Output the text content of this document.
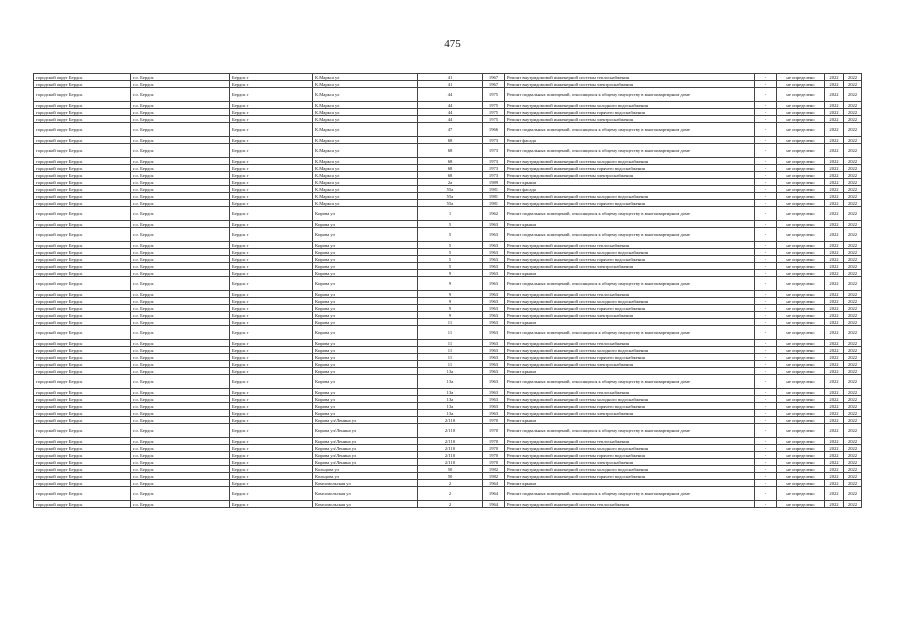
475
городской округ Бердск	г.о. Бердск	Бердск г	К.Маркса ул	41	1967	Ремонт внутридомовой инженерной системы теплоснабжения	-	не определено	2022	2022
городской округ Бердск	г.о. Бердск	Бердск г	К.Маркса ул	41	1967	Ремонт внутридомовой инженерной системы электроснабжения	-	не определено	2022	2022
городской округ Бердск	г.о. Бердск	Бердск г	К.Маркса ул	44	1975	Ремонт подвальных помещений, относящихся к общему имуществу в многоквартирном доме	-	не определено	2022	2022
городской округ Бердск	г.о. Бердск	Бердск г	К.Маркса ул	44	1975	Ремонт внутридомовой инженерной системы холодного водоснабжения	-	не определено	2022	2022
городской округ Бердск	г.о. Бердск	Бердск г	К.Маркса ул	44	1975	Ремонт внутридомовой инженерной системы горячего водоснабжения	-	не определено	2022	2022
городской округ Бердск	г.о. Бердск	Бердск г	К.Маркса ул	44	1975	Ремонт внутридомовой инженерной системы электроснабжения	-	не определено	2022	2022
городской округ Бердск	г.о. Бердск	Бердск г	К.Маркса ул	47	1966	Ремонт подвальных помещений, относящихся к общему имуществу в многоквартирном доме	-	не определено	2022	2022
городской округ Бердск	г.о. Бердск	Бердск г	К.Маркса ул	68	1973	Ремонт фасада	-	не определено	2022	2022
городской округ Бердск	г.о. Бердск	Бердск г	К.Маркса ул	68	1973	Ремонт подвальных помещений, относящихся к общему имуществу в многоквартирном доме	-	не определено	2022	2022
городской округ Бердск	г.о. Бердск	Бердск г	К.Маркса ул	68	1973	Ремонт внутридомовой инженерной системы холодного водоснабжения	-	не определено	2022	2022
городской округ Бердск	г.о. Бердск	Бердск г	К.Маркса ул	68	1973	Ремонт внутридомовой инженерной системы горячего водоснабжения	-	не определено	2022	2022
городской округ Бердск	г.о. Бердск	Бердск г	К.Маркса ул	68	1973	Ремонт внутридомовой инженерной системы электроснабжения	-	не определено	2022	2022
городской округ Бердск	г.о. Бердск	Бердск г	К.Маркса ул	2а	1989	Ремонт крыши	-	не определено	2022	2022
городской округ Бердск	г.о. Бердск	Бердск г	К.Маркса ул	55а	1981	Ремонт фасада	-	не определено	2022	2022
городской округ Бердск	г.о. Бердск	Бердск г	К.Маркса ул	55а	1981	Ремонт внутридомовой инженерной системы холодного водоснабжения	-	не определено	2022	2022
городской округ Бердск	г.о. Бердск	Бердск г	К.Маркса ул	55а	1981	Ремонт внутридомовой инженерной системы горячего водоснабжения	-	не определено	2022	2022
городской округ Бердск	г.о. Бердск	Бердск г	Кирова ул	1	1962	Ремонт подвальных помещений, относящихся к общему имуществу в многоквартирном доме	-	не определено	2022	2022
городской округ Бердск	г.о. Бердск	Бердск г	Кирова ул	5	1963	Ремонт крыши	-	не определено	2022	2022
городской округ Бердск	г.о. Бердск	Бердск г	Кирова ул	5	1963	Ремонт подвальных помещений, относящихся к общему имуществу в многоквартирном доме	-	не определено	2022	2022
городской округ Бердск	г.о. Бердск	Бердск г	Кирова ул	5	1963	Ремонт внутридомовой инженерной системы теплоснабжения	-	не определено	2022	2022
городской округ Бердск	г.о. Бердск	Бердск г	Кирова ул	5	1963	Ремонт внутридомовой инженерной системы холодного водоснабжения	-	не определено	2022	2022
городской округ Бердск	г.о. Бердск	Бердск г	Кирова ул	5	1963	Ремонт внутридомовой инженерной системы горячего водоснабжения	-	не определено	2022	2022
городской округ Бердск	г.о. Бердск	Бердск г	Кирова ул	5	1963	Ремонт внутридомовой инженерной системы электроснабжения	-	не определено	2022	2022
городской округ Бердск	г.о. Бердск	Бердск г	Кирова ул	9	1963	Ремонт крыши	-	не определено	2022	2022
городской округ Бердск	г.о. Бердск	Бердск г	Кирова ул	9	1963	Ремонт подвальных помещений, относящихся к общему имуществу в многоквартирном доме	-	не определено	2022	2022
городской округ Бердск	г.о. Бердск	Бердск г	Кирова ул	9	1963	Ремонт внутридомовой инженерной системы теплоснабжения	-	не определено	2022	2022
городской округ Бердск	г.о. Бердск	Бердск г	Кирова ул	9	1963	Ремонт внутридомовой инженерной системы холодного водоснабжения	-	не определено	2022	2022
городской округ Бердск	г.о. Бердск	Бердск г	Кирова ул	9	1963	Ремонт внутридомовой инженерной системы горячего водоснабжения	-	не определено	2022	2022
городской округ Бердск	г.о. Бердск	Бердск г	Кирова ул	9	1963	Ремонт внутридомовой инженерной системы электроснабжения	-	не определено	2022	2022
городской округ Бердск	г.о. Бердск	Бердск г	Кирова ул	11	1963	Ремонт крыши	-	не определено	2022	2022
городской округ Бердск	г.о. Бердск	Бердск г	Кирова ул	11	1963	Ремонт подвальных помещений, относящихся к общему имуществу в многоквартирном доме	-	не определено	2022	2022
городской округ Бердск	г.о. Бердск	Бердск г	Кирова ул	11	1963	Ремонт внутридомовой инженерной системы теплоснабжения	-	не определено	2022	2022
городской округ Бердск	г.о. Бердск	Бердск г	Кирова ул	11	1963	Ремонт внутридомовой инженерной системы холодного водоснабжения	-	не определено	2022	2022
городской округ Бердск	г.о. Бердск	Бердск г	Кирова ул	11	1963	Ремонт внутридомовой инженерной системы горячего водоснабжения	-	не определено	2022	2022
городской округ Бердск	г.о. Бердск	Бердск г	Кирова ул	11	1963	Ремонт внутридомовой инженерной системы электроснабжения	-	не определено	2022	2022
городской округ Бердск	г.о. Бердск	Бердск г	Кирова ул	13а	1963	Ремонт крыши	-	не определено	2022	2022
городской округ Бердск	г.о. Бердск	Бердск г	Кирова ул	13а	1963	Ремонт подвальных помещений, относящихся к общему имуществу в многоквартирном доме	-	не определено	2022	2022
городской округ Бердск	г.о. Бердск	Бердск г	Кирова ул	13а	1963	Ремонт внутридомовой инженерной системы теплоснабжения	-	не определено	2022	2022
городской округ Бердск	г.о. Бердск	Бердск г	Кирова ул	13а	1963	Ремонт внутридомовой инженерной системы холодного водоснабжения	-	не определено	2022	2022
городской округ Бердск	г.о. Бердск	Бердск г	Кирова ул	13а	1963	Ремонт внутридомовой инженерной системы горячего водоснабжения	-	не определено	2022	2022
городской округ Бердск	г.о. Бердск	Бердск г	Кирова ул	13а	1963	Ремонт внутридомовой инженерной системы электроснабжения	-	не определено	2022	2022
городской округ Бердск	г.о. Бердск	Бердск г	Кирова ул/Ленина ул	2/110	1970	Ремонт крыши	-	не определено	2022	2022
городской округ Бердск	г.о. Бердск	Бердск г	Кирова ул/Ленина ул	2/110	1970	Ремонт подвальных помещений, относящихся к общему имуществу в многоквартирном доме	-	не определено	2022	2022
городской округ Бердск	г.о. Бердск	Бердск г	Кирова ул/Ленина ул	2/110	1970	Ремонт внутридомовой инженерной системы теплоснабжения	-	не определено	2022	2022
городской округ Бердск	г.о. Бердск	Бердск г	Кирова ул/Ленина ул	2/110	1970	Ремонт внутридомовой инженерной системы холодного водоснабжения	-	не определено	2022	2022
городской округ Бердск	г.о. Бердск	Бердск г	Кирова ул/Ленина ул	2/110	1970	Ремонт внутридомовой инженерной системы горячего водоснабжения	-	не определено	2022	2022
городской округ Бердск	г.о. Бердск	Бердск г	Кирова ул/Ленина ул	2/110	1970	Ремонт внутридомовой инженерной системы электроснабжения	-	не определено	2022	2022
городской округ Бердск	г.о. Бердск	Бердск г	Кольцова ул	50	1982	Ремонт внутридомовой инженерной системы холодного водоснабжения	-	не определено	2022	2022
городской округ Бердск	г.о. Бердск	Бердск г	Кольцова ул	50	1982	Ремонт внутридомовой инженерной системы горячего водоснабжения	-	не определено	2022	2022
городской округ Бердск	г.о. Бердск	Бердск г	Комсомольская ул	2	1964	Ремонт крыши	-	не определено	2022	2022
городской округ Бердск	г.о. Бердск	Бердск г	Комсомольская ул	2	1964	Ремонт подвальных помещений, относящихся к общему имуществу в многоквартирном доме	-	не определено	2022	2022
городской округ Бердск	г.о. Бердск	Бердск г	Комсомольская ул	2	1964	Ремонт внутридомовой инженерной системы теплоснабжения	-	не определено	2022	2022
